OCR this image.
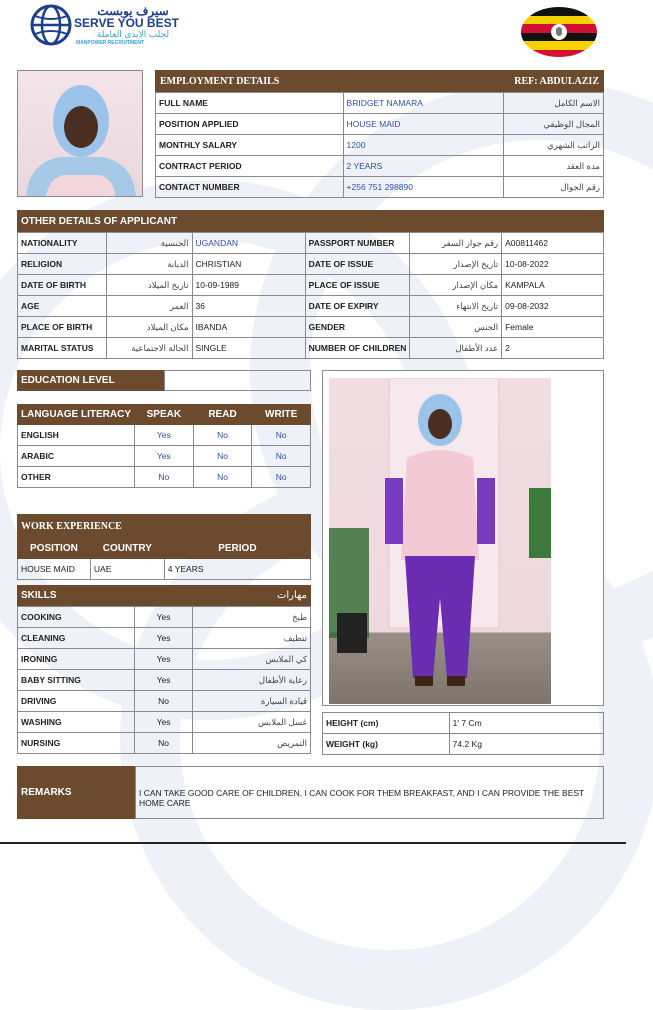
سيرف يوبست
SERVE YOU BEST
لجلب الايدى العاملة
MANPOWER RECRUITMENT
EMPLOYMENT DETAILS	REF: ABDULAZIZ
FULL NAME	BRIDGET NAMARA	الاسم الكامل
POSITION APPLIED	HOUSE MAID	المجال الوظيفي
MONTHLY SALARY	1200	الراتب الشهري
CONTRACT PERIOD	2 YEARS	مدة العقد
CONTACT NUMBER	+256 751 298890	رقم الجوال
OTHER DETAILS OF APPLICANT
NATIONALITY	الجنسية	UGANDAN	PASSPORT NUMBER	رقم جواز السفر	A00811462
RELIGION	الديانة	CHRISTIAN	DATE OF ISSUE	تاريخ الإصدار	10-08-2022
DATE OF BIRTH	تاريخ الميلاد	10-09-1989	PLACE OF ISSUE	مكان الإصدار	KAMPALA
AGE	العمر	36	DATE OF EXPIRY	تاريخ الانتهاء	09-08-2032
PLACE OF BIRTH	مكان الميلاد	IBANDA	GENDER	الجنس	Female
MARITAL STATUS	الحالة الاجتماعية	SINGLE	NUMBER OF CHILDREN	عدد الأطفال	2
EDUCATION LEVEL
LANGUAGE LITERACY	SPEAK	READ	WRITE
ENGLISH	Yes	No	No
ARABIC	Yes	No	No
OTHER	No	No	No
WORK EXPERIENCE
POSITION	COUNTRY	PERIOD
HOUSE MAID	UAE	4 YEARS
SKILLS	مهارات
COOKING	Yes	طبخ
CLEANING	Yes	تنظيف
IRONING	Yes	كي الملابس
BABY SITTING	Yes	رعاية الأطفال
DRIVING	No	قيادة السيارة
WASHING	Yes	غسل الملابس
NURSING	No	التمريض
HEIGHT (cm)	1' 7 Cm
WEIGHT (kg)	74.2 Kg
REMARKS	I CAN TAKE GOOD CARE OF CHILDREN, I CAN COOK FOR THEM BREAKFAST, AND I CAN PROVIDE THE BEST HOME CARE
